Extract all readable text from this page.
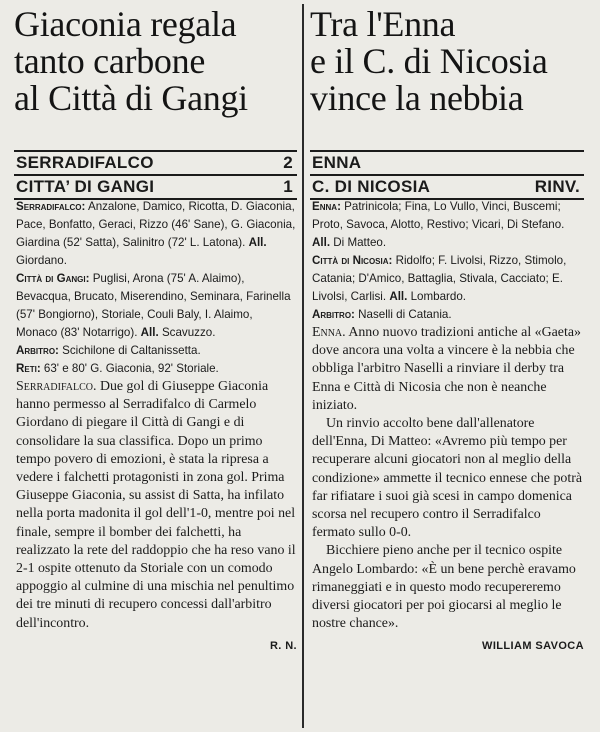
Giaconia regala
tanto carbone
al Città di Gangi
SERRADIFALCO	2
CITTA’ DI GANGI	1

Serradifalco: Anzalone, Damico, Ricotta, D. Giaconia, Pace, Bonfatto, Geraci, Rizzo (46' Sane), G. Giaconia, Giardina (52' Satta), Salinitro (72' L. Latona). All. Giordano.

Città di Gangi: Puglisi, Arona (75' A. Alaimo), Bevacqua, Brucato, Miserendino, Seminara, Farinella (57' Bongiorno), Storiale, Couli Baly, I. Alaimo, Monaco (83' Notarrigo). All. Scavuzzo.

Arbitro: Scichilone di Caltanissetta.

Reti: 63' e 80' G. Giaconia, 92' Storiale.

Serradifalco. Due gol di Giuseppe Giaconia hanno permesso al Serradifalco di Carmelo Giordano di piegare il Città di Gangi e di consolidare la sua classifica. Dopo un primo tempo povero di emozioni, è stata la ripresa a vedere i falchetti protagonisti in zona gol. Prima Giuseppe Giaconia, su assist di Satta, ha infilato nella porta madonita il gol dell'1-0, mentre poi nel finale, sempre il bomber dei falchetti, ha realizzato la rete del raddoppio che ha reso vano il 2-1 ospite ottenuto da Storiale con un comodo appoggio al culmine di una mischia nel penultimo dei tre minuti di recupero concessi dall'arbitro dell'incontro.

R. N.
Tra l'Enna
e il C. di Nicosia
vince la nebbia
ENNA
C. DI NICOSIA	RINV.

Enna: Patrinicola; Fina, Lo Vullo, Vinci, Buscemi; Proto, Savoca, Alotto, Restivo; Vicari, Di Stefano. All. Di Matteo.

Città di Nicosia: Ridolfo; F. Livolsi, Rizzo, Stimolo, Catania; D'Amico, Battaglia, Stivala, Cacciato; E. Livolsi, Carlisi. All. Lombardo.

Arbitro: Naselli di Catania.

Enna. Anno nuovo tradizioni antiche al «Gaeta» dove ancora una volta a vincere è la nebbia che obbliga l'arbitro Naselli a rinviare il derby tra Enna e Città di Nicosia che non è neanche iniziato.

Un rinvio accolto bene dall'allenatore dell'Enna, Di Matteo: «Avremo più tempo per recuperare alcuni giocatori non al meglio della condizione» ammette il tecnico ennese che potrà far rifiatare i suoi già scesi in campo domenica scorsa nel recupero contro il Serradifalco fermato sullo 0-0.

Bicchiere pieno anche per il tecnico ospite Angelo Lombardo: «È un bene perchè eravamo rimaneggiati e in questo modo recupereremo diversi giocatori per poi giocarsi al meglio le nostre chance».

WILLIAM SAVOCA
